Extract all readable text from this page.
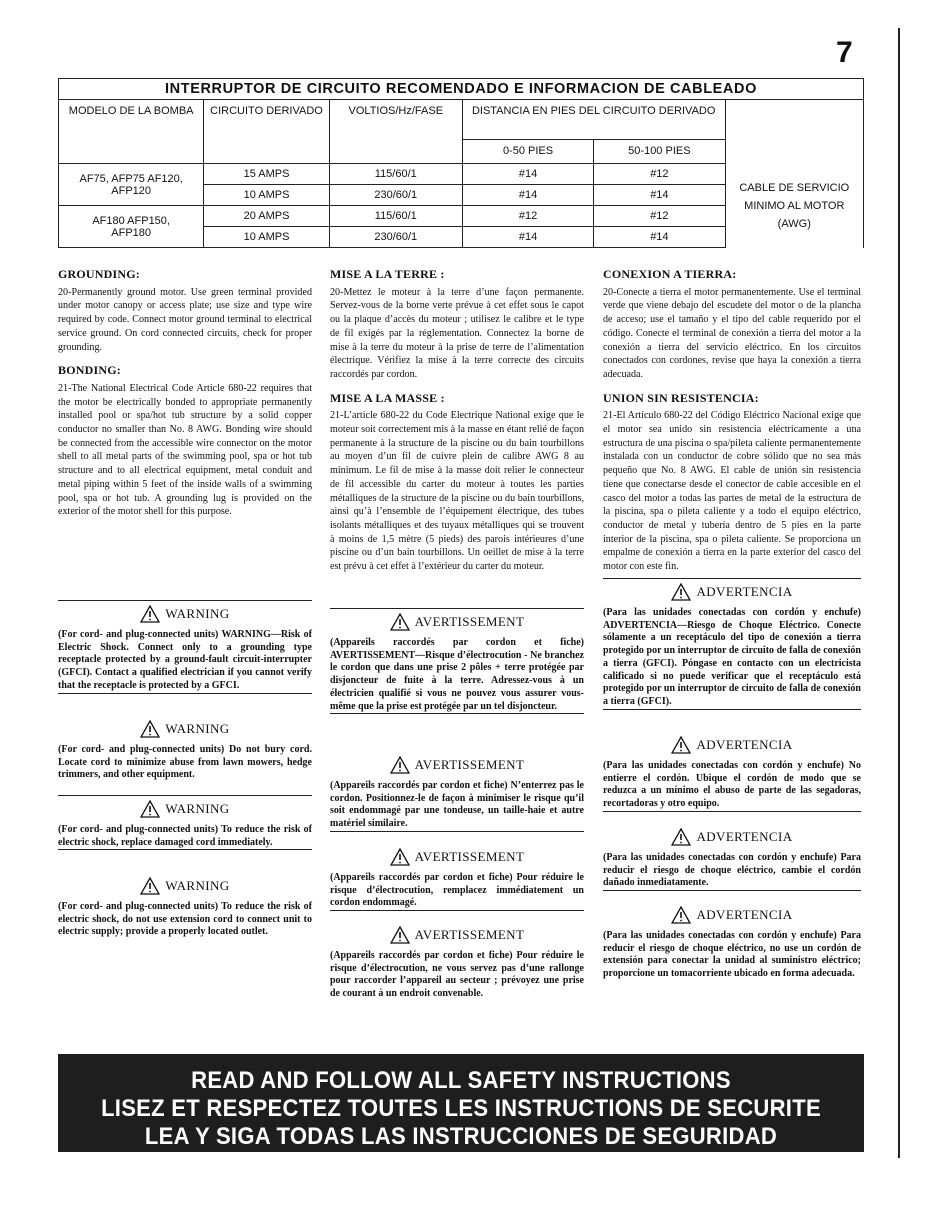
7
INTERRUPTOR DE CIRCUITO RECOMENDADO E INFORMACION DE CABLEADO					
MODELO DE LA BOMBA	CIRCUITO DERIVADO	VOLTIOS/Hz/FASE	DISTANCIA EN PIES DEL CIRCUITO DERIVADO		
			0-50 PIES	50-100 PIES	
AF75, AFP75 AF120, AFP120	15 AMPS	115/60/1	#14	#12	CABLE DE SERVICIO
MINIMO AL MOTOR
(AWG)

	10 AMPS	230/60/1	#14	#14	
AF180 AFP150, AFP180	20 AMPS	115/60/1	#12	#12	
	10 AMPS	230/60/1	#14	#14	
GROUNDING:

20-Permanently ground motor. Use green terminal provided under motor canopy or access plate; use size and type wire required by code. Connect motor ground terminal to electrical service ground. On cord connected circuits, check for proper grounding.

BONDING:

21-The National Electrical Code Article 680-22 requires that the motor be electrically bonded to appropriate permanently installed pool or spa/hot tub structure by a solid copper conductor no smaller than No. 8 AWG. Bonding wire should be connected from the accessible wire connector on the motor shell to all metal parts of the swimming pool, spa or hot tub structure and to all electrical equipment, metal conduit and metal piping within 5 feet of the inside walls of a swimming pool, spa or hot tub. A grounding lug is provided on the exterior of the motor shell for this purpose.

MISE A LA TERRE :

20-Mettez le moteur à la terre d’une façon permanente. Servez-vous de la borne verte prévue à cet effet sous le capot ou la plaque d’accès du moteur ; utilisez le calibre et le type de fil exigés par la réglementation. Connectez la borne de mise à la terre du moteur à la prise de terre de l’alimentation électrique. Vérifiez la mise à la terre correcte des circuits raccordés par cordon.

MISE A LA MASSE :

21-L’article 680-22 du Code Electrique National exige que le moteur soit correctement mis à la masse en étant relié de façon permanente à la structure de la piscine ou du bain tourbillons au moyen d’un fil de cuivre plein de calibre AWG 8 au minimum. Le fil de mise à la masse doit relier le connecteur de fil accessible du carter du moteur à toutes les parties métalliques de la structure de la piscine ou du bain tourbillons, ainsi qu’à l’ensemble de l’équipement électrique, des tubes isolants métalliques et des tuyaux métalliques qui se trouvent à moins de 1,5 mètre (5 pieds) des parois intérieures d’une piscine ou d’un bain tourbillons. Un oeillet de mise à la terre est prévu à cet effet à l’extérieur du carter du moteur.

CONEXION A TIERRA:

20-Conecte a tierra el motor permanentemente. Use el terminal verde que viene debajo del escudete del motor o de la plancha de acceso; use el tamaño y el tipo del cable requerido por el código. Conecte el terminal de conexión a tierra del motor a la conexión a tierra del servicio eléctrico. En los circuitos conectados con cordones, revise que haya la conexión a tierra adecuada.

UNION SIN RESISTENCIA:

21-El Artículo 680-22 del Código Eléctrico Nacional exige que el motor sea unido sin resistencia eléctricamente a una estructura de una piscina o spa/pileta caliente permanentemente instalada con un conductor de cobre sólido que no sea más pequeño que No. 8 AWG. El cable de unión sin resistencia tiene que conectarse desde el conector de cable accesible en el casco del motor a todas las partes de metal de la estructura de la piscina, spa o pileta caliente y a todo el equipo eléctrico, conductor de metal y tubería dentro de 5 pies en la parte interior de la piscina, spa o pileta caliente. Se proporciona un empalme de conexión a tierra en la parte exterior del casco del motor con este fin.

WARNING

(For cord- and plug-connected units) WARNING—Risk of Electric Shock. Connect only to a grounding type receptacle protected by a ground-fault circuit-interrupter (GFCI). Contact a qualified electrician if you cannot verify that the receptacle is protected by a GFCI.

WARNING

(For cord- and plug-connected units) Do not bury cord. Locate cord to minimize abuse from lawn mowers, hedge trimmers, and other equipment.

WARNING

(For cord- and plug-connected units) To reduce the risk of electric shock, replace damaged cord immediately.

WARNING

(For cord- and plug-connected units) To reduce the risk of electric shock, do not use extension cord to connect unit to electric supply; provide a properly located outlet.

AVERTISSEMENT

(Appareils raccordés par cordon et fiche) AVERTISSEMENT—Risque d’électrocution - Ne branchez le cordon que dans une prise 2 pôles + terre protégée par disjoncteur de fuite à la terre. Adressez-vous à un électricien qualifié si vous ne pouvez vous assurer vous-même que la prise est protégée par un tel disjoncteur.

AVERTISSEMENT

(Appareils raccordés par cordon et fiche) N’enterrez pas le cordon. Positionnez-le de façon à minimiser le risque qu’il soit endommagé par une tondeuse, un taille-haie et autre matériel similaire.

AVERTISSEMENT

(Appareils raccordés par cordon et fiche) Pour réduire le risque d’électrocution, remplacez immédiatement un cordon endommagé.

AVERTISSEMENT

(Appareils raccordés par cordon et fiche) Pour réduire le risque d’électrocution, ne vous servez pas d’une rallonge pour raccorder l’appareil au secteur ; prévoyez une prise de courant à un endroit convenable.

ADVERTENCIA

(Para las unidades conectadas con cordón y enchufe) ADVERTENCIA—Riesgo de Choque Eléctrico. Conecte sólamente a un receptáculo del tipo de conexión a tierra protegido por un interruptor de circuito de falla de conexión a tierra (GFCI). Póngase en contacto con un electricista calificado si no puede verificar que el receptáculo está protegido por un interruptor de circuito de falla de conexión a tierra (GFCI).

ADVERTENCIA

(Para las unidades conectadas con cordón y enchufe) No entierre el cordón. Ubique el cordón de modo que se reduzca a un mínimo el abuso de parte de las segadoras, recortadoras y otro equipo.

ADVERTENCIA

(Para las unidades conectadas con cordón y enchufe) Para reducir el riesgo de choque eléctrico, cambie el cordón dañado inmediatamente.

ADVERTENCIA

(Para las unidades conectadas con cordón y enchufe) Para reducir el riesgo de choque eléctrico, no use un cordón de extensión para conectar la unidad al suministro eléctrico; proporcione un tomacorriente ubicado en forma adecuada.

READ AND FOLLOW ALL SAFETY INSTRUCTIONS
LISEZ ET RESPECTEZ TOUTES LES INSTRUCTIONS DE SECURITE
LEA Y SIGA TODAS LAS INSTRUCCIONES DE SEGURIDAD
